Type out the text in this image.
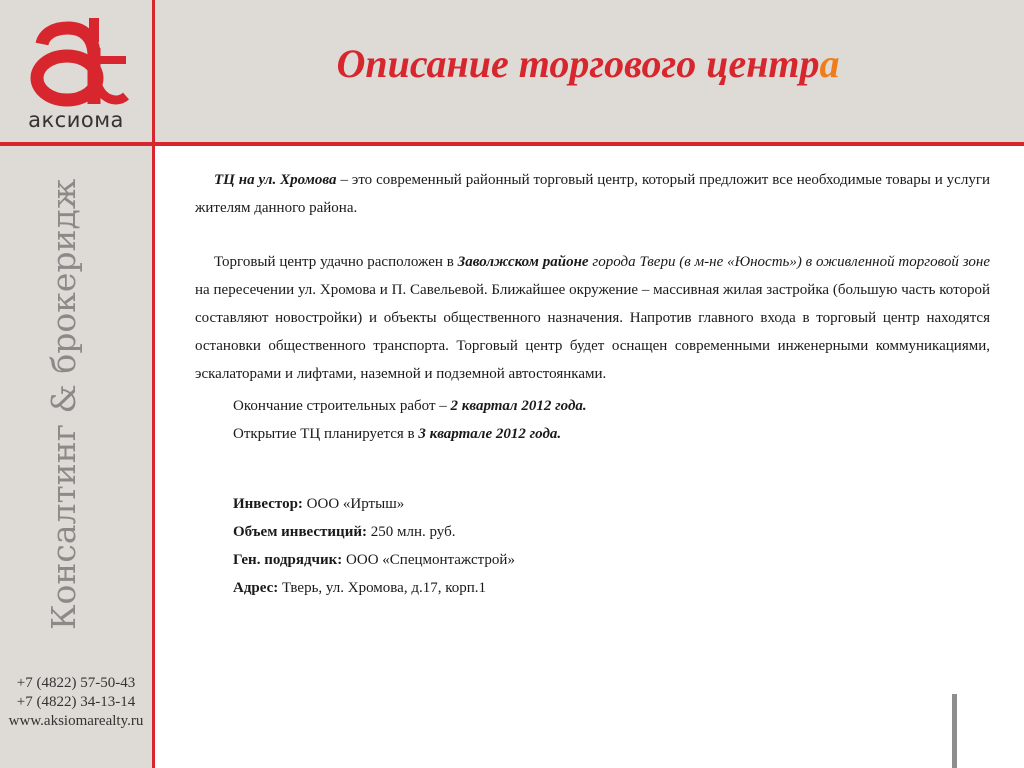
аксиома
Консалтинг & брокеридж
+7 (4822) 57-50-43
+7 (4822) 34-13-14
www.aksiomarealty.ru
Описание торгового центра

ТЦ на ул. Хромова – это современный районный торговый центр, который предложит все необходимые товары и услуги жителям данного района.

Торговый центр удачно расположен в Заволжском районе города Твери (в м-не «Юность») в оживленной торговой зоне на пересечении ул. Хромова и П. Савельевой. Ближайшее окружение – массивная жилая застройка (большую часть которой составляют новостройки) и объекты общественного назначения. Напротив главного входа в торговый центр находятся остановки общественного транспорта. Торговый центр будет оснащен современными инженерными коммуникациями, эскалаторами и лифтами, наземной и подземной автостоянками.

Окончание строительных работ – 2 квартал 2012 года.

Открытие ТЦ планируется в 3 квартале 2012 года.

Инвестор: ООО «Иртыш»

Объем инвестиций: 250 млн. руб.

Ген. подрядчик: ООО «Спецмонтажстрой»

Адрес: Тверь, ул. Хромова, д.17, корп.1
